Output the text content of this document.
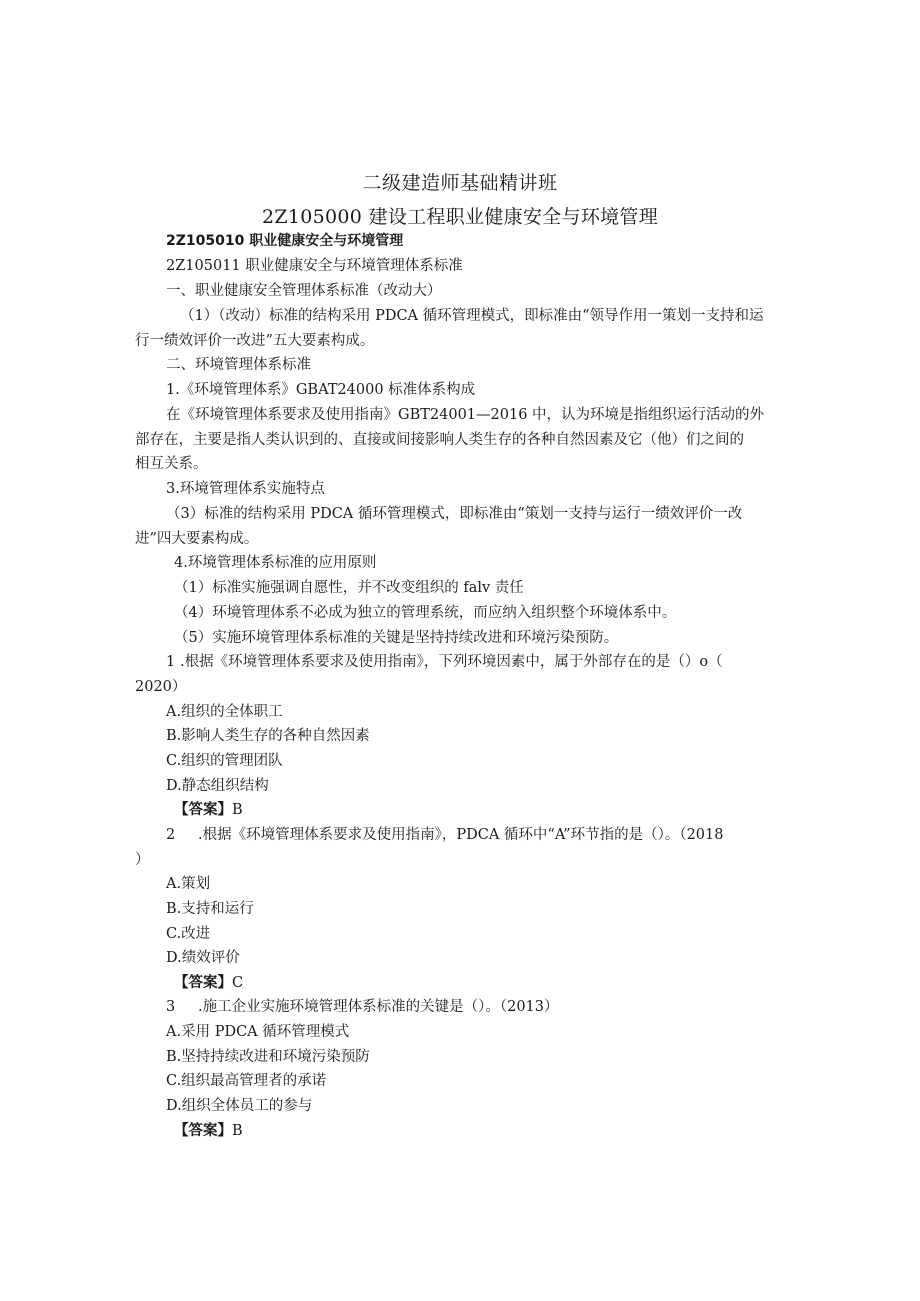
二级建造师基础精讲班
2Z105000 建设工程职业健康安全与环境管理
2Z105010 职业健康安全与环境管理
2Z105011 职业健康安全与环境管理体系标准
一、职业健康安全管理体系标准（改动大）
（1）（改动）标准的结构采用 PDCA 循环管理模式，即标准由“领导作用一策划一支持和运
行一绩效评价一改进”五大要素构成。
二、环境管理体系标准
1.《环境管理体系》GBAT24000 标准体系构成
在《环境管理体系要求及使用指南》GBT24001—2016 中，认为环境是指组织运行活动的外
部存在，主要是指人类认识到的、直接或间接影响人类生存的各种自然因素及它（他）们之间的
相互关系。
3.环境管理体系实施特点
（3）标准的结构采用 PDCA 循环管理模式，即标准由“策划一支持与运行一绩效评价一改
进”四大要素构成。
4.环境管理体系标准的应用原则
（1）标准实施强调自愿性，并不改变组织的 falv 责任
（4）环境管理体系不必成为独立的管理系统，而应纳入组织整个环境体系中。
（5）实施环境管理体系标准的关键是坚持持续改进和环境污染预防。
1 .根据《环境管理体系要求及使用指南》，下列环境因素中，属于外部存在的是（）o（
2020）
A.组织的全体职工
B.影响人类生存的各种自然因素
C.组织的管理团队
D.静态组织结构
【答案】B
2 .根据《环境管理体系要求及使用指南》，PDCA 循环中“A”环节指的是（）。（2018
）
A.策划
B.支持和运行
C.改进
D.绩效评价
【答案】C
3 .施工企业实施环境管理体系标准的关键是（）。（2013）
A.采用 PDCA 循环管理模式
B.坚持持续改进和环境污染预防
C.组织最高管理者的承诺
D.组织全体员工的参与
【答案】B
